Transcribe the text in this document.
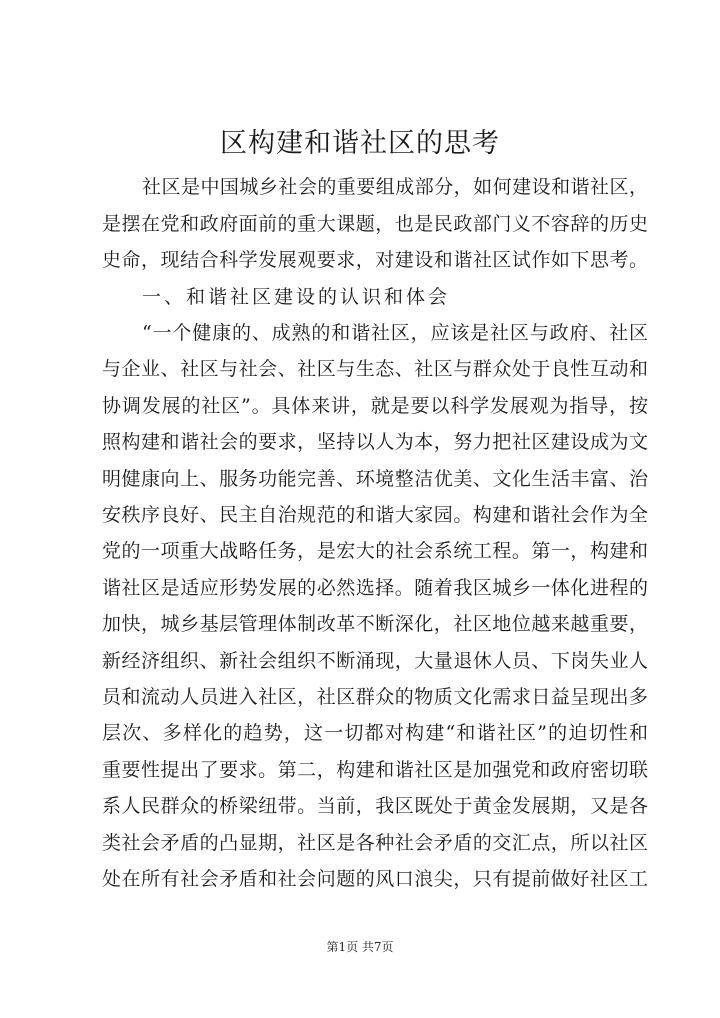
区构建和谐社区的思考
社区是中国城乡社会的重要组成部分，如何建设和谐社区，
是摆在党和政府面前的重大课题，也是民政部门义不容辞的历史
史命，现结合科学发展观要求，对建设和谐社区试作如下思考。
一、和谐社区建设的认识和体会
“一个健康的、成熟的和谐社区，应该是社区与政府、社区
与企业、社区与社会、社区与生态、社区与群众处于良性互动和
协调发展的社区”。具体来讲，就是要以科学发展观为指导，按
照构建和谐社会的要求，坚持以人为本，努力把社区建设成为文
明健康向上、服务功能完善、环境整洁优美、文化生活丰富、治
安秩序良好、民主自治规范的和谐大家园。构建和谐社会作为全
党的一项重大战略任务，是宏大的社会系统工程。第一，构建和
谐社区是适应形势发展的必然选择。随着我区城乡一体化进程的
加快，城乡基层管理体制改革不断深化，社区地位越来越重要，
新经济组织、新社会组织不断涌现，大量退休人员、下岗失业人
员和流动人员进入社区，社区群众的物质文化需求日益呈现出多
层次、多样化的趋势，这一切都对构建“和谐社区”的迫切性和
重要性提出了要求。第二，构建和谐社区是加强党和政府密切联
系人民群众的桥梁纽带。当前，我区既处于黄金发展期，又是各
类社会矛盾的凸显期，社区是各种社会矛盾的交汇点，所以社区
处在所有社会矛盾和社会问题的风口浪尖，只有提前做好社区工
第1页 共7页
